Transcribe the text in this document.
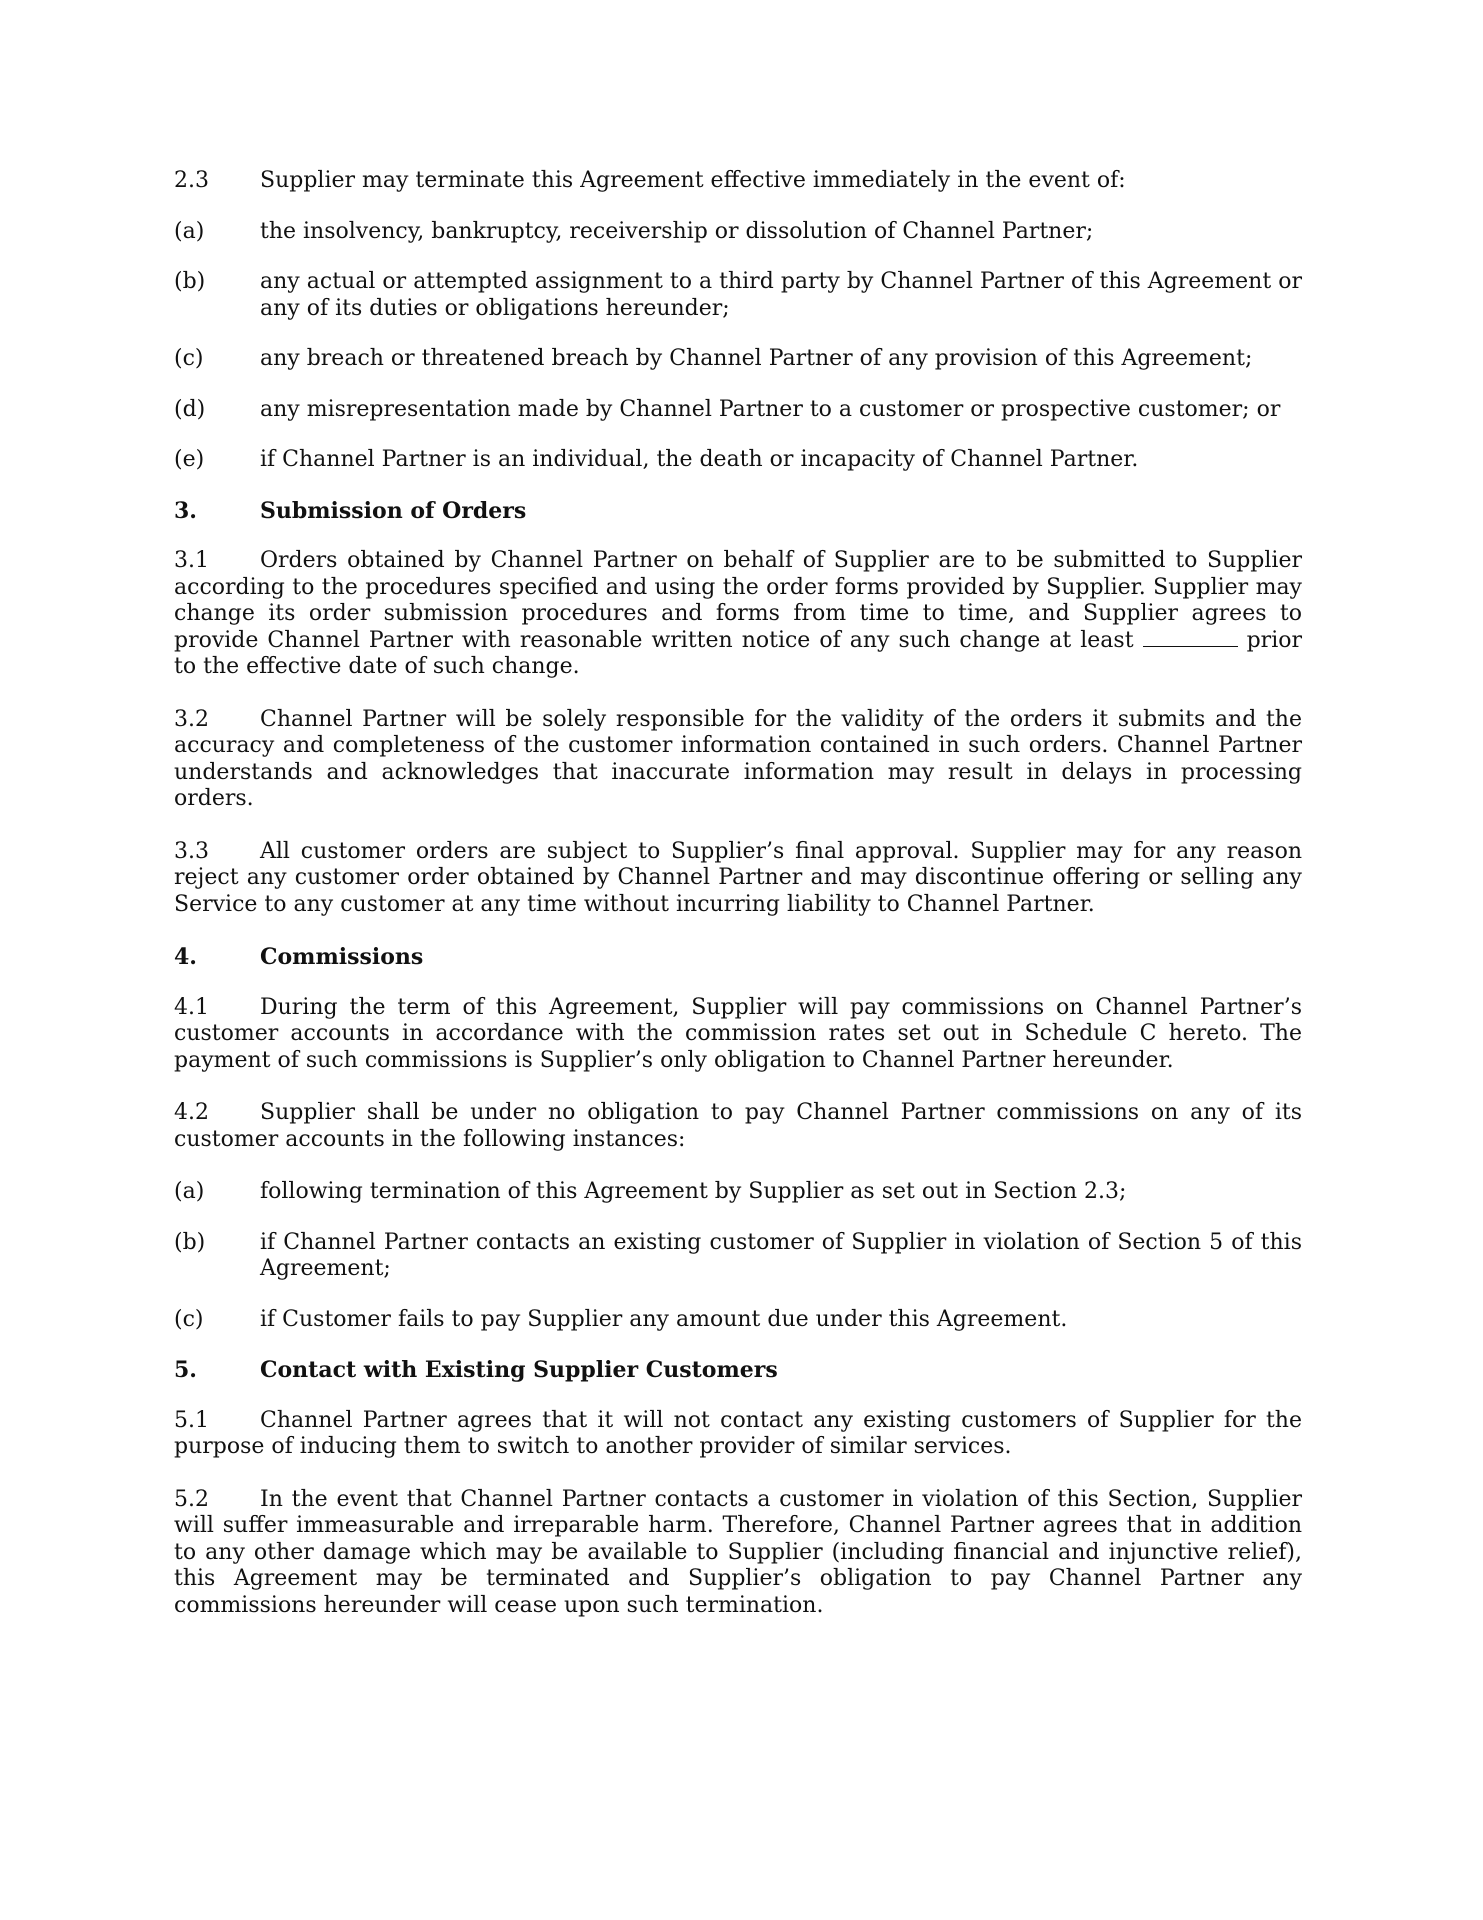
2.3	Supplier may terminate this Agreement effective immediately in the event of:
(a)	the insolvency, bankruptcy, receivership or dissolution of Channel Partner;
(b)	any actual or attempted assignment to a third party by Channel Partner of this Agreement or any of its duties or obligations hereunder;
(c)	any breach or threatened breach by Channel Partner of any provision of this Agreement;
(d)	any misrepresentation made by Channel Partner to a customer or prospective customer; or
(e)	if Channel Partner is an individual, the death or incapacity of Channel Partner.
3.	Submission of Orders
3.1 Orders obtained by Channel Partner on behalf of Supplier are to be submitted to Supplier according to the procedures specified and using the order forms provided by Supplier. Supplier may change its order submission procedures and forms from time to time, and Supplier agrees to provide Channel Partner with reasonable written notice of any such change at least	prior to the effective date of such change.
3.2 Channel Partner will be solely responsible for the validity of the orders it submits and the accuracy and completeness of the customer information contained in such orders. Channel Partner understands and acknowledges that inaccurate information may result in delays in processing orders.
3.3 All customer orders are subject to Supplier’s final approval. Supplier may for any reason reject any customer order obtained by Channel Partner and may discontinue offering or selling any Service to any customer at any time without incurring liability to Channel Partner.
4.	Commissions
4.1 During the term of this Agreement, Supplier will pay commissions on Channel Partner’s customer accounts in accordance with the commission rates set out in Schedule C hereto. The payment of such commissions is Supplier’s only obligation to Channel Partner hereunder.
4.2 Supplier shall be under no obligation to pay Channel Partner commissions on any of its customer accounts in the following instances:
(a)	following termination of this Agreement by Supplier as set out in Section 2.3;
(b)	if Channel Partner contacts an existing customer of Supplier in violation of Section 5 of this Agreement;
(c)	if Customer fails to pay Supplier any amount due under this Agreement.
5.	Contact with Existing Supplier Customers
5.1 Channel Partner agrees that it will not contact any existing customers of Supplier for the purpose of inducing them to switch to another provider of similar services.
5.2 In the event that Channel Partner contacts a customer in violation of this Section, Supplier will suffer immeasurable and irreparable harm. Therefore, Channel Partner agrees that in addition to any other damage which may be available to Supplier (including financial and injunctive relief), this Agreement may be terminated and Supplier’s obligation to pay Channel Partner any commissions hereunder will cease upon such termination.
